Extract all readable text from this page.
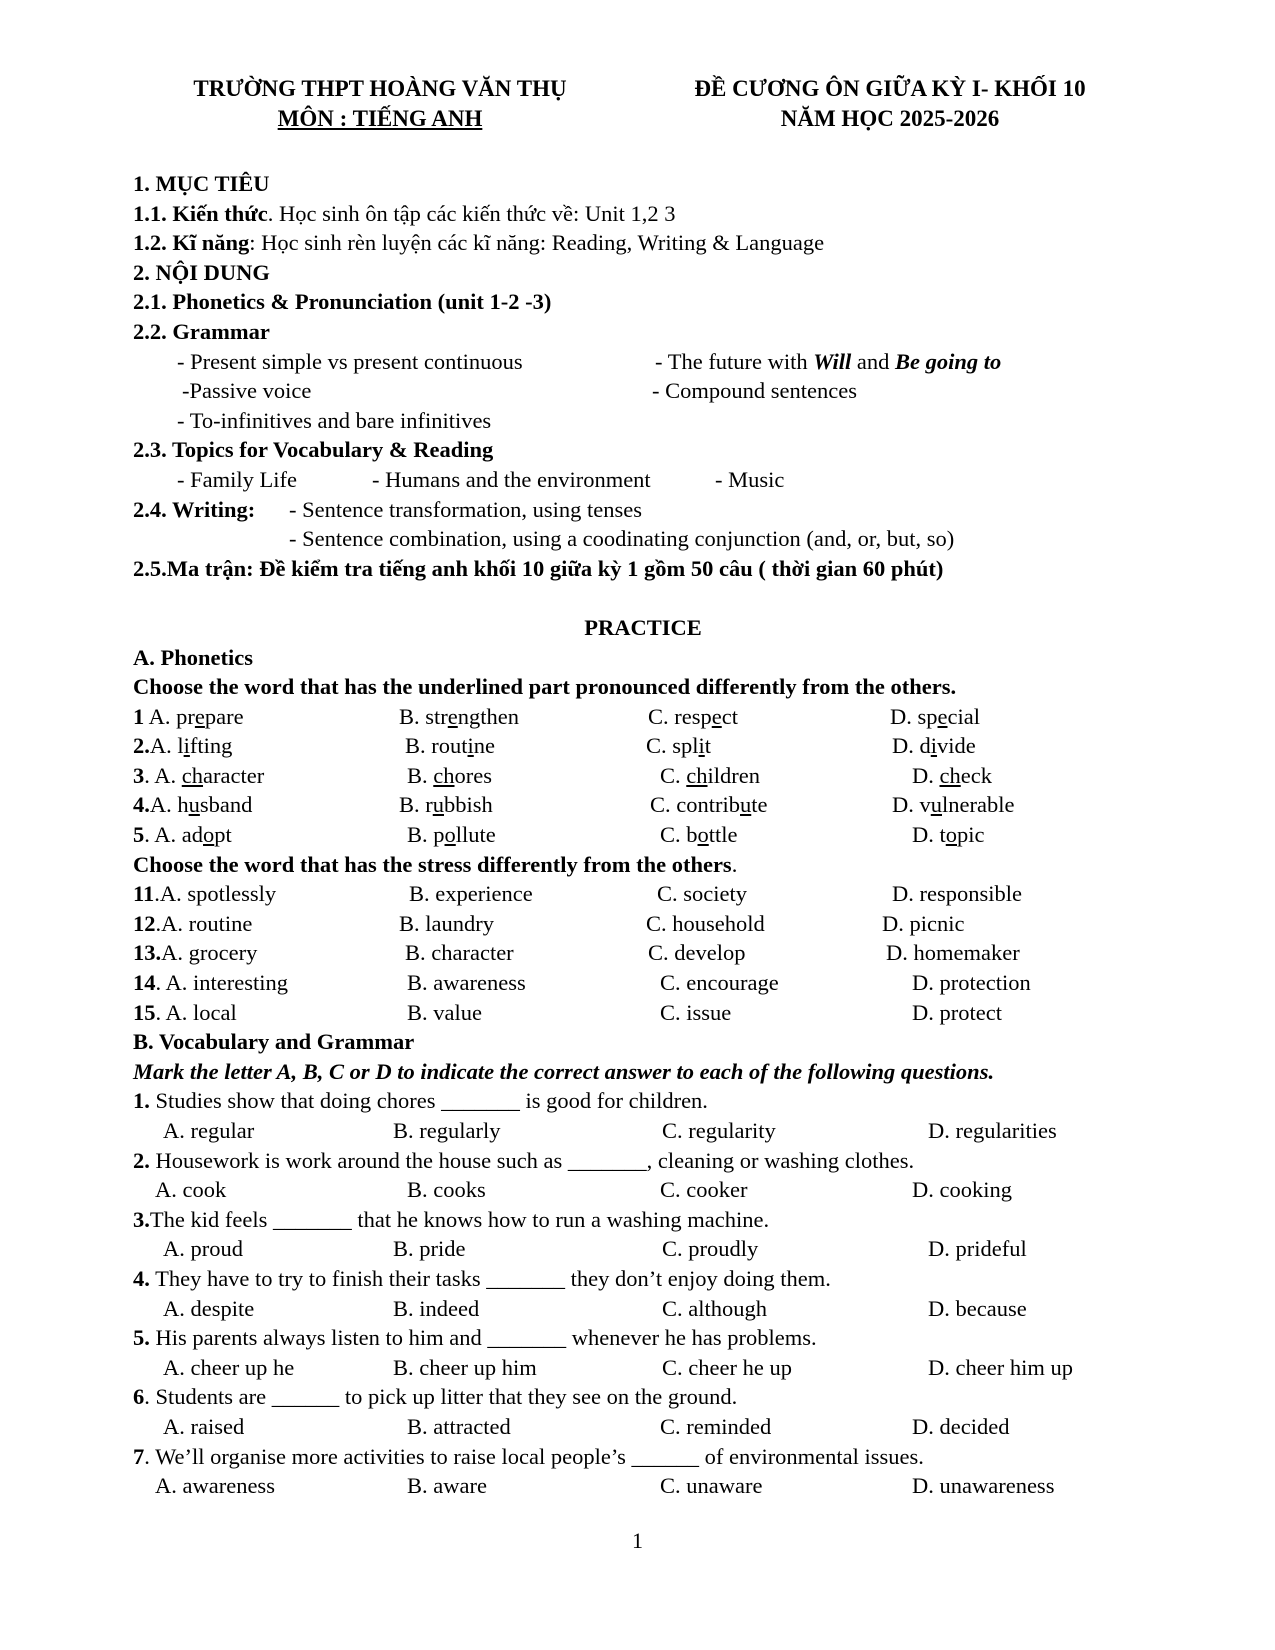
TRƯỜNG THPT HOÀNG VĂN THỤ
MÔN : TIẾNG ANH
ĐỀ CƯƠNG ÔN GIỮA KỲ I- KHỐI 10
NĂM HỌC 2025-2026
1. MỤC TIÊU
1.1. Kiến thức. Học sinh ôn tập các kiến thức về: Unit 1,2 3
1.2. Kĩ năng: Học sinh rèn luyện các kĩ năng: Reading, Writing & Language
2. NỘI DUNG
2.1. Phonetics & Pronunciation (unit 1-2 -3)
2.2. Grammar
- Present simple vs present continuous	- The future with Will and Be going to
-Passive voice	- Compound sentences
- To-infinitives and bare infinitives
2.3. Topics for Vocabulary & Reading
- Family Life	- Humans and the environment	- Music
2.4. Writing: - Sentence transformation, using tenses
- Sentence combination, using a coodinating conjunction (and, or, but, so)
2.5.Ma trận: Đề kiểm tra tiếng anh khối 10 giữa kỳ 1 gồm 50 câu ( thời gian 60 phút)
PRACTICE
A. Phonetics
Choose the word that has the underlined part pronounced differently from the others.
1 A. prepare	B. strengthen	C. respect	D. special
2.A. lifting	B. routine	C. split	D. divide
3. A. character	B. chores	C. children	D. check
4.A. husband	B. rubbish	C. contribute	D. vulnerable
5. A. adopt	B. pollute	C. bottle	D. topic
Choose the word that has the stress differently from the others.
11.A. spotlessly	B. experience	C. society	D. responsible
12.A. routine	B. laundry	C. household	D. picnic
13.A. grocery	B. character	C. develop	D. homemaker
14. A. interesting	B. awareness	C. encourage	D. protection
15. A. local	B. value	C. issue	D. protect
B. Vocabulary and Grammar
Mark the letter A, B, C or D to indicate the correct answer to each of the following questions.
1. Studies show that doing chores _______ is good for children.
A. regular	B. regularly	C. regularity	D. regularities
2. Housework is work around the house such as _______, cleaning or washing clothes.
A. cook	B. cooks	C. cooker	D. cooking
3.The kid feels _______ that he knows how to run a washing machine.
A. proud	B. pride	C. proudly	D. prideful
4. They have to try to finish their tasks _______ they don’t enjoy doing them.
A. despite	B. indeed	C. although	D. because
5. His parents always listen to him and _______ whenever he has problems.
A. cheer up he	B. cheer up him	C. cheer he up	D. cheer him up
6. Students are ______ to pick up litter that they see on the ground.
A. raised	B. attracted	C. reminded	D. decided
7. We’ll organise more activities to raise local people’s ______ of environmental issues.
A. awareness	B. aware	C. unaware	D. unawareness
1
